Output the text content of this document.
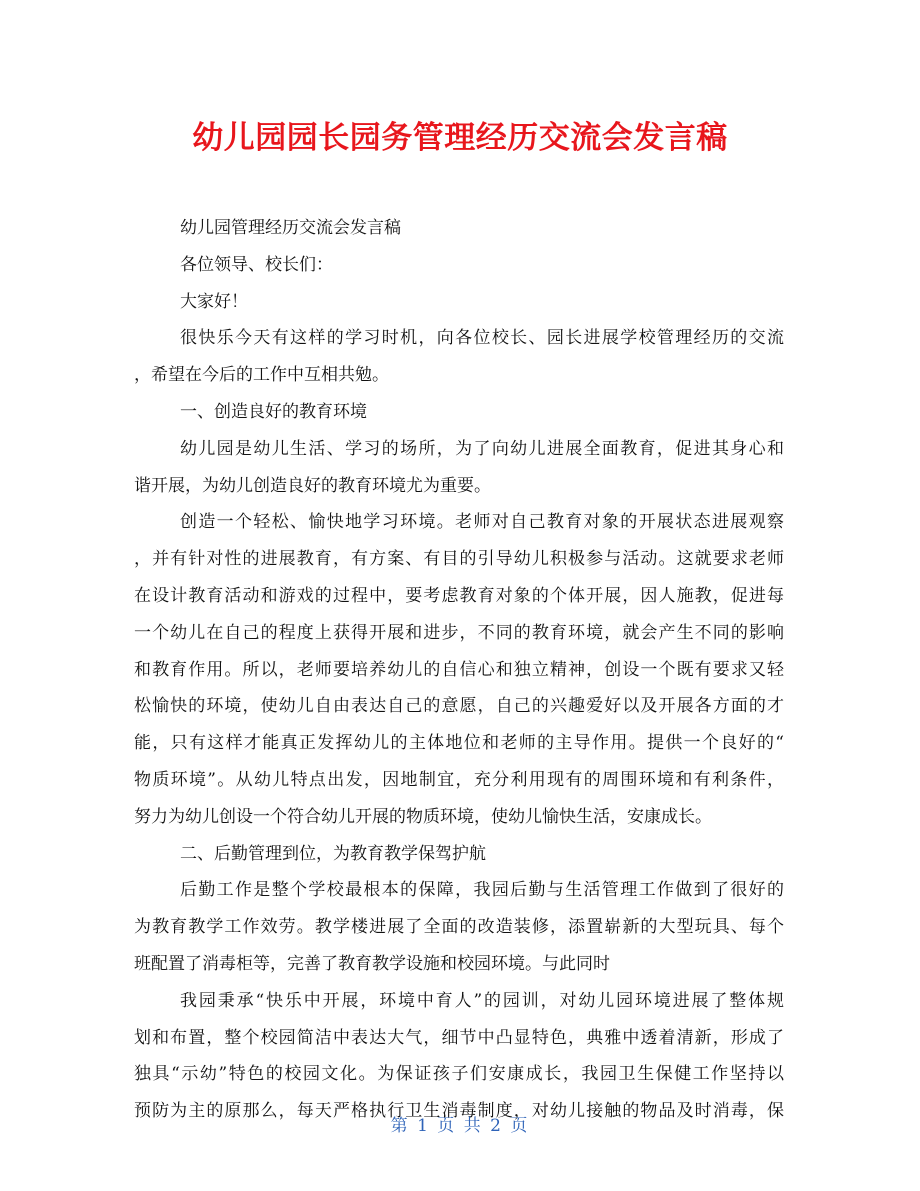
幼儿园园长园务管理经历交流会发言稿
幼儿园管理经历交流会发言稿
各位领导、校长们：
大家好！
很快乐今天有这样的学习时机，向各位校长、园长进展学校管理经历的交流
，希望在今后的工作中互相共勉。
一、创造良好的教育环境
幼儿园是幼儿生活、学习的场所，为了向幼儿进展全面教育，促进其身心和
谐开展，为幼儿创造良好的教育环境尤为重要。
创造一个轻松、愉快地学习环境。老师对自己教育对象的开展状态进展观察
，并有针对性的进展教育，有方案、有目的引导幼儿积极参与活动。这就要求老师
在设计教育活动和游戏的过程中，要考虑教育对象的个体开展，因人施教，促进每
一个幼儿在自己的程度上获得开展和进步，不同的教育环境，就会产生不同的影响
和教育作用。所以，老师要培养幼儿的自信心和独立精神，创设一个既有要求又轻
松愉快的环境，使幼儿自由表达自己的意愿，自己的兴趣爱好以及开展各方面的才
能，只有这样才能真正发挥幼儿的主体地位和老师的主导作用。提供一个良好的“
物质环境”。从幼儿特点出发，因地制宜，充分利用现有的周围环境和有利条件，
努力为幼儿创设一个符合幼儿开展的物质环境，使幼儿愉快生活，安康成长。
二、后勤管理到位，为教育教学保驾护航
后勤工作是整个学校最根本的保障，我园后勤与生活管理工作做到了很好的
为教育教学工作效劳。教学楼进展了全面的改造装修，添置崭新的大型玩具、每个
班配置了消毒柜等，完善了教育教学设施和校园环境。与此同时
我园秉承“快乐中开展，环境中育人”的园训，对幼儿园环境进展了整体规
划和布置，整个校园简洁中表达大气，细节中凸显特色，典雅中透着清新，形成了
独具“示幼”特色的校园文化。为保证孩子们安康成长，我园卫生保健工作坚持以
预防为主的原那么，每天严格执行卫生消毒制度，对幼儿接触的物品及时消毒，保
第 1 页 共 2 页
